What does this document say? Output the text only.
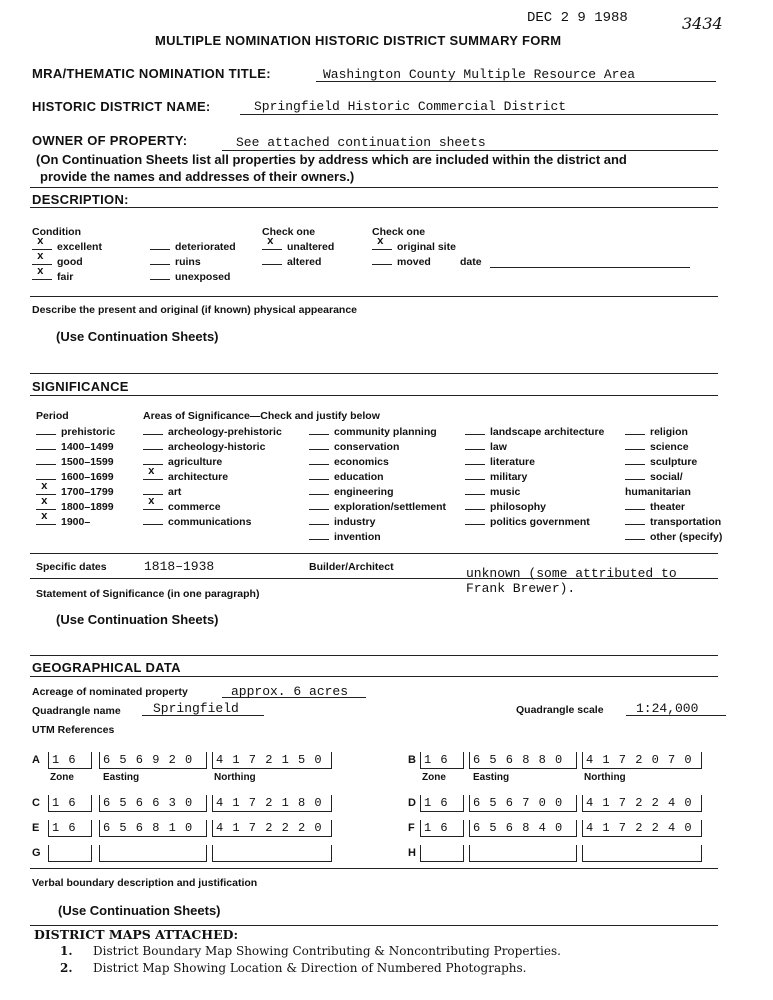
DEC 2 9 1988	3434
MULTIPLE NOMINATION HISTORIC DISTRICT SUMMARY FORM
MRA/THEMATIC NOMINATION TITLE:	Washington County Multiple Resource Area
HISTORIC DISTRICT NAME:	Springfield Historic Commercial District
OWNER OF PROPERTY:	See attached continuation sheets
(On Continuation Sheets list all properties by address which are included within the district and
provide the names and addresses of their owners.)
DESCRIPTION:
Condition
x excellent
x good
x fair
deteriorated
ruins
unexposed
Check one
x unaltered
altered
Check one
x original site
moved	date
Describe the present and original (if known) physical appearance
(Use Continuation Sheets)
SIGNIFICANCE
Period	Areas of Significance—Check and justify below
prehistoric
1400–1499
1500–1599
1600–1699
x 1700–1799
x 1800–1899
x 1900–
archeology-prehistoric
archeology-historic
agriculture
x architecture
art
x commerce
communications
community planning
conservation
economics
education
engineering
exploration/settlement
industry
invention
landscape architecture
law
literature
military
music
philosophy
politics government
religion
science
sculpture
social/
humanitarian
theater
transportation
other (specify)
Specific dates	1818–1938	Builder/Architect	unknown (some attributed to
Frank Brewer).
Statement of Significance (in one paragraph)
(Use Continuation Sheets)
GEOGRAPHICAL DATA
Acreage of nominated property	approx. 6 acres
Quadrangle name Springfield	Quadrangle scale 1:24,000
UTM References
A	1 6	6 5 6 9 2 0	4 1 7 2 1 5 0
Zone	Easting	Northing
B 1 6	6 5 6 8 8 0	4 1 7 2 0 7 0
Zone	Easting	Northing
C	1 6	6 5 6 6 3 0	4 1 7 2 1 8 0	D 1 6	6 5 6 7 0 0	4 1 7 2 2 4 0
E	1 6	6 5 6 8 1 0	4 1 7 2 2 2 0	F 1 6	6 5 6 8 4 0	4 1 7 2 2 4 0
G	H
Verbal boundary description and justification
(Use Continuation Sheets)
DISTRICT MAPS ATTACHED:
1. District Boundary Map Showing Contributing & Noncontributing Properties.
2. District Map Showing Location & Direction of Numbered Photographs.
